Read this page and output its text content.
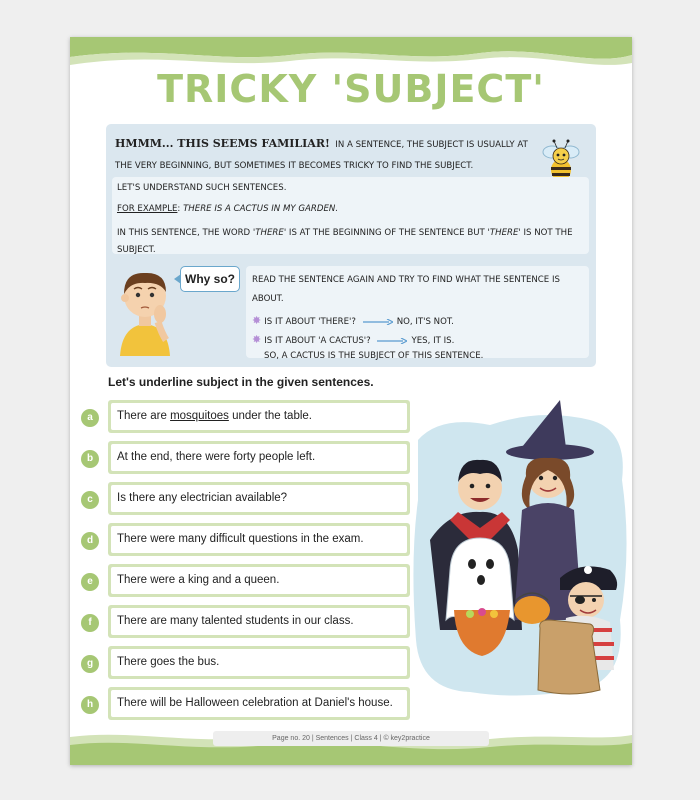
TRICKY 'SUBJECT'
HMMM... THIS SEEMS FAMILIAR! IN A SENTENCE, THE SUBJECT IS USUALLY AT THE VERY BEGINNING, BUT SOMETIMES IT BECOMES TRICKY TO FIND THE SUBJECT.
LET'S UNDERSTAND SUCH SENTENCES.
FOR EXAMPLE: THERE IS A CACTUS IN MY GARDEN.
IN THIS SENTENCE, THE WORD 'THERE' IS AT THE BEGINNING OF THE SENTENCE BUT 'THERE' IS NOT THE SUBJECT.
Why so?	READ THE SENTENCE AGAIN AND TRY TO FIND WHAT THE SENTENCE IS ABOUT.
✸ IS IT ABOUT 'THERE'?	NO, IT'S NOT.
✸ IS IT ABOUT 'A CACTUS'?	YES, IT IS.
SO, A CACTUS IS THE SUBJECT OF THIS SENTENCE.
Let's underline subject in the given sentences.
a	There are mosquitoes under the table.
b	At the end, there were forty people left.
c	Is there any electrician available?
d	There were many difficult questions in the exam.
e	There were a king and a queen.
f	There are many talented students in our class.
g	There goes the bus.
h	There will be Halloween celebration at Daniel's house.
Page no. 20 | Sentences | Class 4 | © key2practice
